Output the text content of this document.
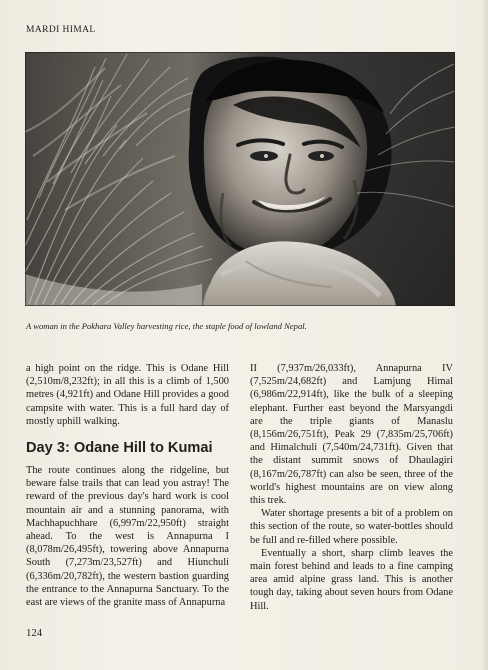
MARDI HIMAL
A woman in the Pokhara Valley harvesting rice, the staple food of lowland Nepal.

a high point on the ridge. This is Odane Hill (2,510m/8,232ft); in all this is a climb of 1,500 metres (4,921ft) and Odane Hill provides a good campsite with water. This is a full hard day of mostly uphill walking.

Day 3: Odane Hill to Kumai

The route continues along the ridgeline, but beware false trails that can lead you astray! The reward of the previous day's hard work is cool mountain air and a stunning panorama, with Machhapuchhare (6,997m/22,950ft) straight ahead. To the west is Annapurna I (8,078m/26,495ft), towering above Annapurna South (7,273m/23,527ft) and Hiunchuli (6,336m/20,782ft), the western bastion guarding the entrance to the Annapurna Sanctuary. To the east are views of the granite mass of Annapurna

II (7,937m/26,033ft), Annapurna IV (7,525m/24,682ft) and Lamjung Himal (6,986m/22,914ft), like the bulk of a sleeping elephant. Further east beyond the Marsyangdi are the triple giants of Manaslu (8,156m/26,751ft), Peak 29 (7,835m/25,706ft) and Himalchuli (7,540m/24,731ft). Given that the distant summit snows of Dhaulagiri (8,167m/26,787ft) can also be seen, three of the world's highest mountains are on view along this trek.

Water shortage presents a bit of a problem on this section of the route, so water-bottles should be full and re-filled where possible.

Eventually a short, sharp climb leaves the main forest behind and leads to a fine camping area amid alpine grass land. This is another tough day, taking about seven hours from Odane Hill.

124
